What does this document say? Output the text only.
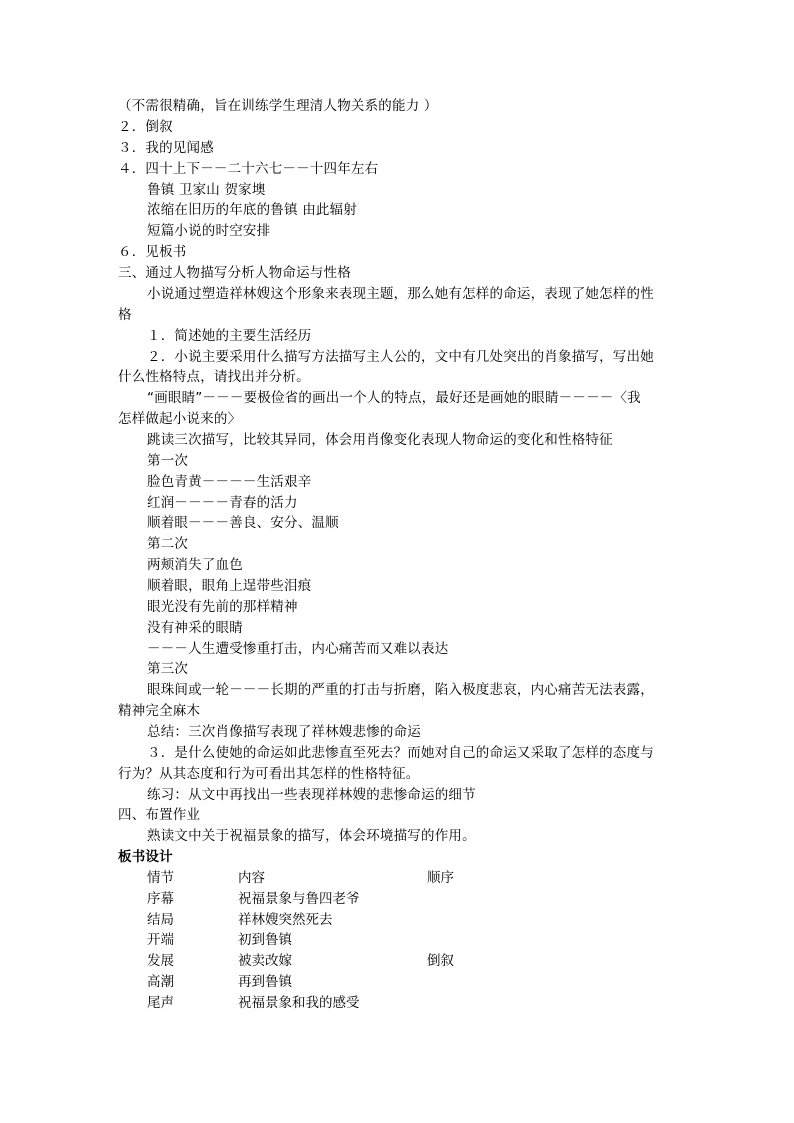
（不需很精确，旨在训练学生理清人物关系的能力 ）
２．倒叙
３．我的见闻感
４．四十上下－－二十六七－－十四年左右
鲁镇 卫家山 贺家墺
浓缩在旧历的年底的鲁镇 由此辐射
短篇小说的时空安排
６．见板书
三、通过人物描写分析人物命运与性格
小说通过塑造祥林嫂这个形象来表现主题，那么她有怎样的命运，表现了她怎样的性
格
１．简述她的主要生活经历
２．小说主要采用什么描写方法描写主人公的，文中有几处突出的肖象描写，写出她
什么性格特点，请找出并分析。
“画眼睛”－－－要极俭省的画出一个人的特点，最好还是画她的眼睛－－－－〈我
怎样做起小说来的〉
跳读三次描写，比较其异同，体会用肖像变化表现人物命运的变化和性格特征
第一次
脸色青黄－－－－生活艰辛
红润－－－－青春的活力
顺着眼－－－善良、安分、温顺
第二次
两颊消失了血色
顺着眼，眼角上逞带些泪痕
眼光没有先前的那样精神
没有神采的眼睛
－－－人生遭受惨重打击，内心痛苦而又难以表达
第三次
眼珠间或一轮－－－长期的严重的打击与折磨，陷入极度悲哀，内心痛苦无法表露，
精神完全麻木
总结：三次肖像描写表现了祥林嫂悲惨的命运
３．是什么使她的命运如此悲惨直至死去？而她对自己的命运又采取了怎样的态度与
行为？从其态度和行为可看出其怎样的性格特征。
练习：从文中再找出一些表现祥林嫂的悲惨命运的细节
四、布置作业
熟读文中关于祝福景象的描写，体会环境描写的作用。
板书设计
情节	内容	顺序
序幕	祝福景象与鲁四老爷
结局	祥林嫂突然死去
开端	初到鲁镇
发展	被卖改嫁	倒叙
高潮	再到鲁镇
尾声	祝福景象和我的感受
